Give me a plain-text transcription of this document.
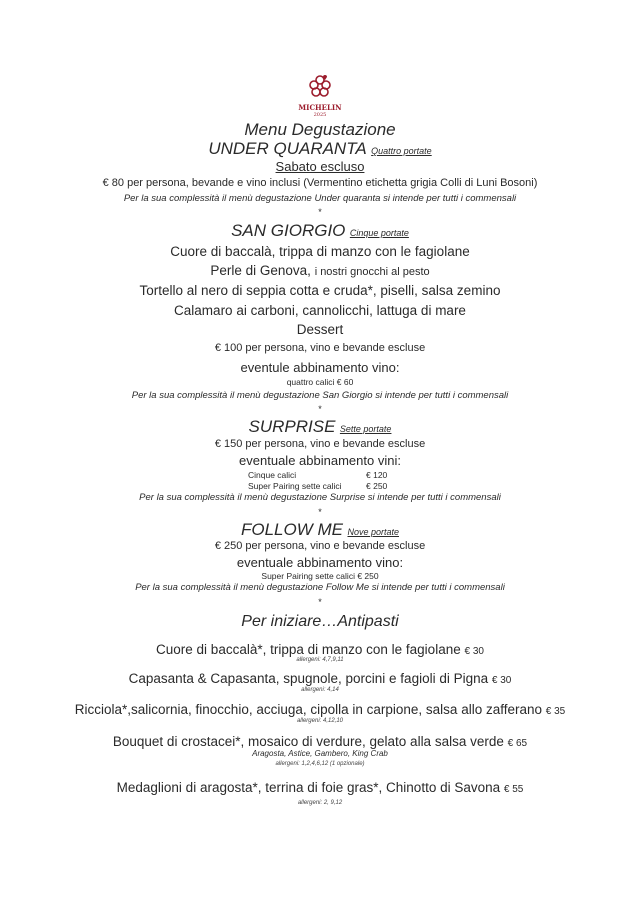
MICHELIN
2025
Menu Degustazione
UNDER QUARANTA Quattro portate
Sabato escluso
€ 80 per persona, bevande e vino inclusi (Vermentino etichetta grigia Colli di Luni Bosoni)
Per la sua complessità il menù degustazione Under quaranta si intende per tutti i commensali
*
SAN GIORGIO Cinque portate
Cuore di baccalà, trippa di manzo con le fagiolane
Perle di Genova, i nostri gnocchi al pesto
Tortello al nero di seppia cotta e cruda*, piselli, salsa zemino
Calamaro ai carboni, cannolicchi, lattuga di mare
Dessert
€ 100 per persona, vino e bevande escluse
eventule abbinamento vino:
quattro calici € 60
Per la sua complessità il menù degustazione San Giorgio si intende per tutti i commensali
*
SURPRISE Sette portate
€ 150 per persona, vino e bevande escluse
eventuale abbinamento vini:
Cinque calici	€ 120
Super Pairing sette calici	€ 250
Per la sua complessità il menù degustazione Surprise si intende per tutti i commensali
*
FOLLOW ME Nove portate
€ 250 per persona, vino e bevande escluse
eventuale abbinamento vino:
Super Pairing sette calici € 250
Per la sua complessità il menù degustazione Follow Me si intende per tutti i commensali
*
Per iniziare…Antipasti
Cuore di baccalà*, trippa di manzo con le fagiolane € 30
allergeni: 4,7,9,11
Capasanta & Capasanta, spugnole, porcini e fagioli di Pigna € 30
allergeni: 4,14
Ricciola*,salicornia, finocchio, acciuga, cipolla in carpione, salsa allo zafferano € 35
allergeni: 4,12,10
Bouquet di crostacei*, mosaico di verdure, gelato alla salsa verde € 65
Aragosta, Astice, Gambero, King Crab
allergeni: 1,2,4,6,12 (1 opzionale)
Medaglioni di aragosta*, terrina di foie gras*, Chinotto di Savona € 55
allergeni: 2, 9,12
